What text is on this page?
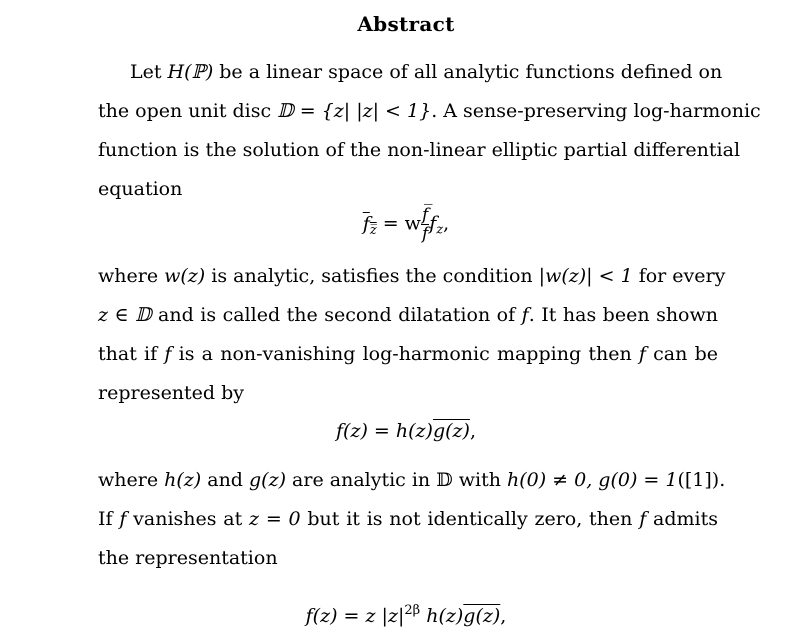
Abstract
Let H(ℙ) be a linear space of all analytic functions defined on
the open unit disc 𝔻 = {z| |z| < 1}. A sense-preserving log-harmonic
function is the solution of the non-linear elliptic partial differential
equation
$f_{z̅} = w \frac{f̅}{f} f_z$,
where w(z) is analytic, satisfies the condition |w(z)| < 1 for every
z ∈ 𝔻 and is called the second dilatation of f. It has been shown
that if f is a non-vanishing log-harmonic mapping then f can be
represented by
f(z) = h(z)g(z),
where h(z) and g(z) are analytic in 𝔻 with h(0) ≠ 0, g(0) = 1([1]).
If f vanishes at z = 0 but it is not identically zero, then f admits
the representation
f(z) = z $|z|^{2\beta}$ h(z)g(z),
